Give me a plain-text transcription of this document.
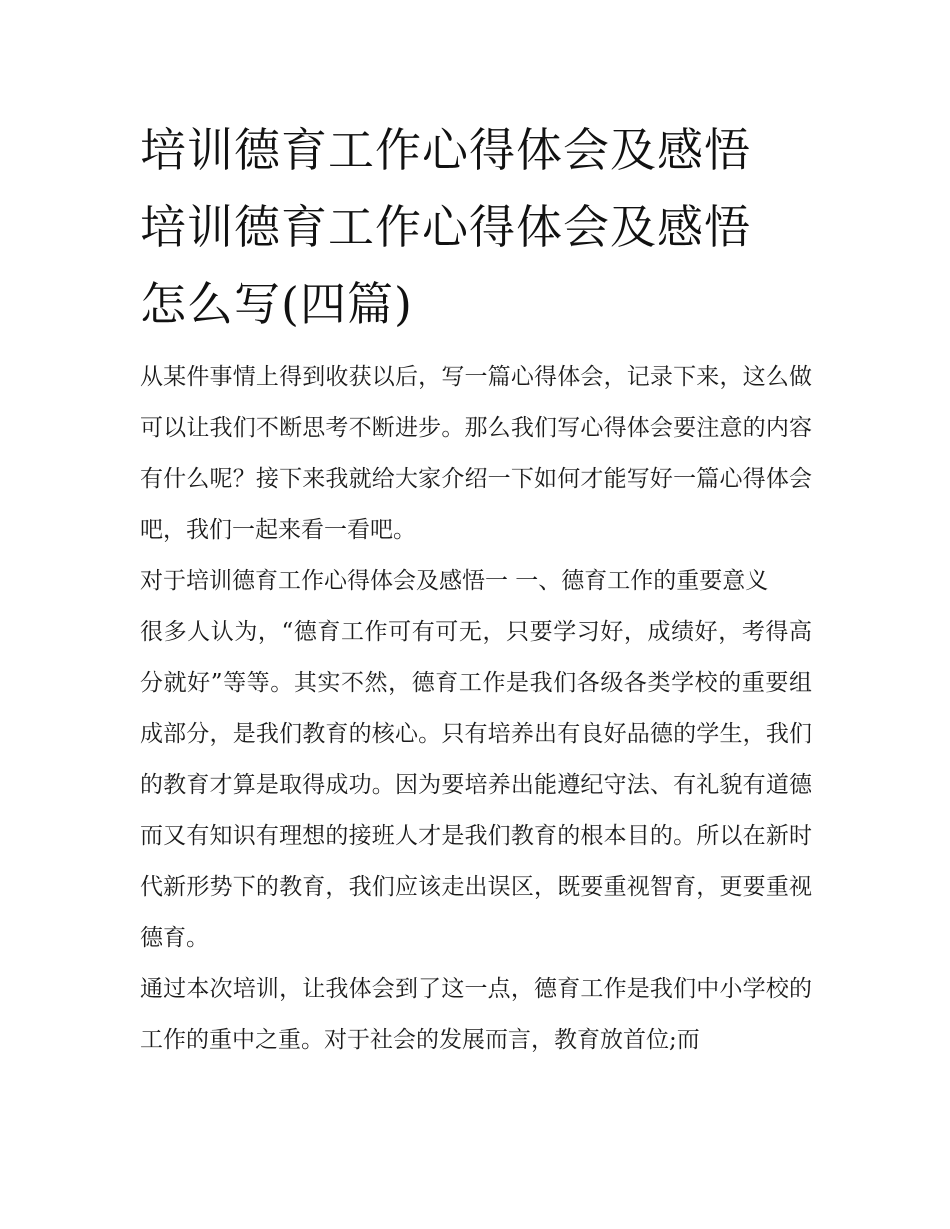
培训德育工作心得体会及感悟
培训德育工作心得体会及感悟
怎么写(四篇)

从某件事情上得到收获以后，写一篇心得体会，记录下来，这么做可以让我们不断思考不断进步。那么我们写心得体会要注意的内容有什么呢？接下来我就给大家介绍一下如何才能写好一篇心得体会吧，我们一起来看一看吧。

对于培训德育工作心得体会及感悟一 一、德育工作的重要意义

很多人认为，“德育工作可有可无，只要学习好，成绩好，考得高分就好”等等。其实不然，德育工作是我们各级各类学校的重要组成部分，是我们教育的核心。只有培养出有良好品德的学生，我们的教育才算是取得成功。因为要培养出能遵纪守法、有礼貌有道德而又有知识有理想的接班人才是我们教育的根本目的。所以在新时代新形势下的教育，我们应该走出误区，既要重视智育，更要重视德育。

通过本次培训，让我体会到了这一点，德育工作是我们中小学校的工作的重中之重。对于社会的发展而言，教育放首位;而
